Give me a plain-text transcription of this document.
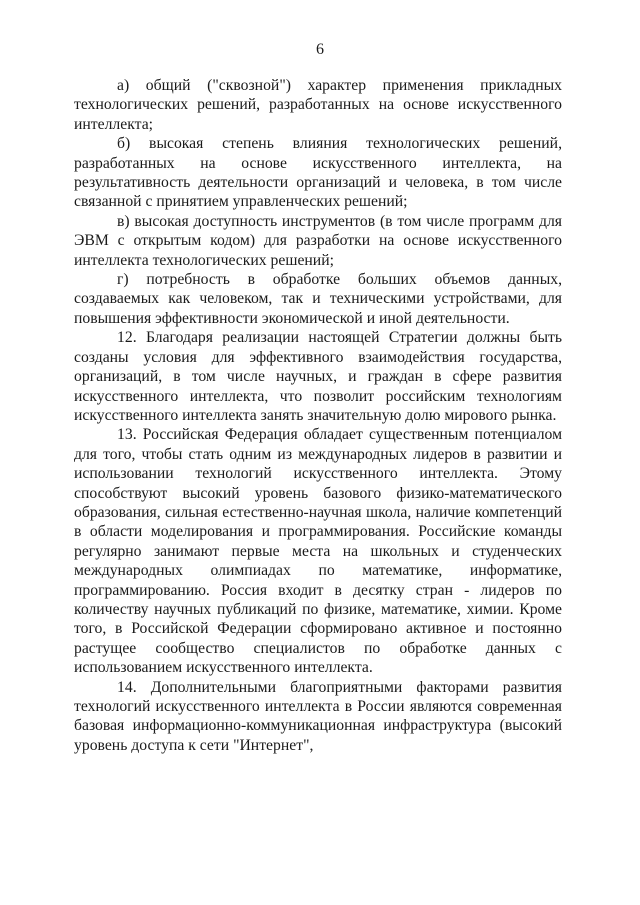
6

а) общий ("сквозной") характер применения прикладных технологических решений, разработанных на основе искусственного интеллекта;

б) высокая степень влияния технологических решений, разработанных на основе искусственного интеллекта, на результативность деятельности организаций и человека, в том числе связанной с принятием управленческих решений;

в) высокая доступность инструментов (в том числе программ для ЭВМ с открытым кодом) для разработки на основе искусственного интеллекта технологических решений;

г) потребность в обработке больших объемов данных, создаваемых как человеком, так и техническими устройствами, для повышения эффективности экономической и иной деятельности.

12. Благодаря реализации настоящей Стратегии должны быть созданы условия для эффективного взаимодействия государства, организаций, в том числе научных, и граждан в сфере развития искусственного интеллекта, что позволит российским технологиям искусственного интеллекта занять значительную долю мирового рынка.

13. Российская Федерация обладает существенным потенциалом для того, чтобы стать одним из международных лидеров в развитии и использовании технологий искусственного интеллекта. Этому способствуют высокий уровень базового физико-математического образования, сильная естественно-научная школа, наличие компетенций в области моделирования и программирования. Российские команды регулярно занимают первые места на школьных и студенческих международных олимпиадах по математике, информатике, программированию. Россия входит в десятку стран - лидеров по количеству научных публикаций по физике, математике, химии. Кроме того, в Российской Федерации сформировано активное и постоянно растущее сообщество специалистов по обработке данных с использованием искусственного интеллекта.

14. Дополнительными благоприятными факторами развития технологий искусственного интеллекта в России являются современная базовая информационно-коммуникационная инфраструктура (высокий уровень доступа к сети "Интернет",
